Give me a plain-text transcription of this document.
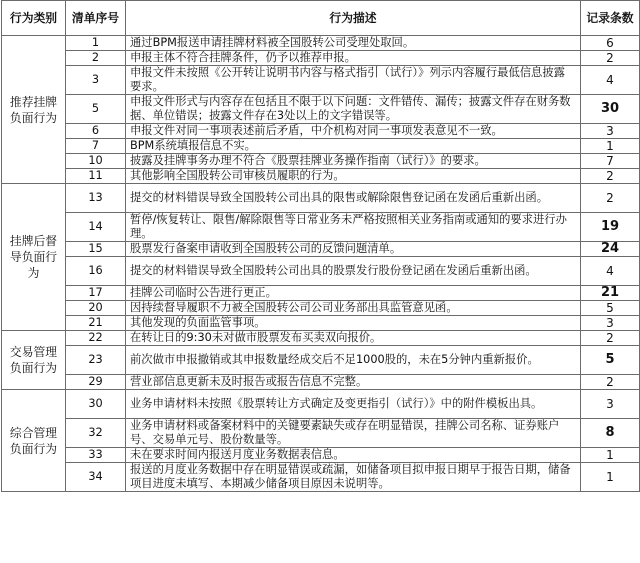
行为类别	清单序号	行为描述	记录条数
推荐挂牌负面行为	1	通过BPM报送申请挂牌材料被全国股转公司受理处取回。	6
	2	申报主体不符合挂牌条件，仍予以推荐申报。	2
	3	申报文件未按照《公开转让说明书内容与格式指引（试行）》列示内容履行最低信息披露要求。	4
	5	申报文件形式与内容存在包括且不限于以下问题：文件错传、漏传；披露文件存在财务数据、单位错误；披露文件存在3处以上的文字错误等。	30
	6	申报文件对同一事项表述前后矛盾，中介机构对同一事项发表意见不一致。	3
	7	BPM系统填报信息不实。	1
	10	披露及挂牌事务办理不符合《股票挂牌业务操作指南（试行）》的要求。	7
	11	其他影响全国股转公司审核员履职的行为。	2
挂牌后督导负面行为	13	提交的材料错误导致全国股转公司出具的限售或解除限售登记函在发函后重新出函。	2
	14	暂停/恢复转让、限售/解除限售等日常业务未严格按照相关业务指南或通知的要求进行办理。	19
	15	股票发行备案申请收到全国股转公司的反馈问题清单。	24
	16	提交的材料错误导致全国股转公司出具的股票发行股份登记函在发函后重新出函。	4
	17	挂牌公司临时公告进行更正。	21
	20	因持续督导履职不力被全国股转公司公司业务部出具监管意见函。	5
	21	其他发现的负面监管事项。	3
交易管理负面行为	22	在转让日的9:30未对做市股票发布买卖双向报价。	2
	23	前次做市申报撤销或其申报数量经成交后不足1000股的，未在5分钟内重新报价。	5
	29	营业部信息更新未及时报告或报告信息不完整。	2
综合管理负面行为	30	业务申请材料未按照《股票转让方式确定及变更指引（试行）》中的附件模板出具。	3
	32	业务申请材料或备案材料中的关键要素缺失或存在明显错误，挂牌公司名称、证券账户号、交易单元号、股份数量等。	8
	33	未在要求时间内报送月度业务数据表信息。	1
	34	报送的月度业务数据中存在明显错误或疏漏，如储备项目拟申报日期早于报告日期，储备项目进度未填写、本期减少储备项目原因未说明等。	1
